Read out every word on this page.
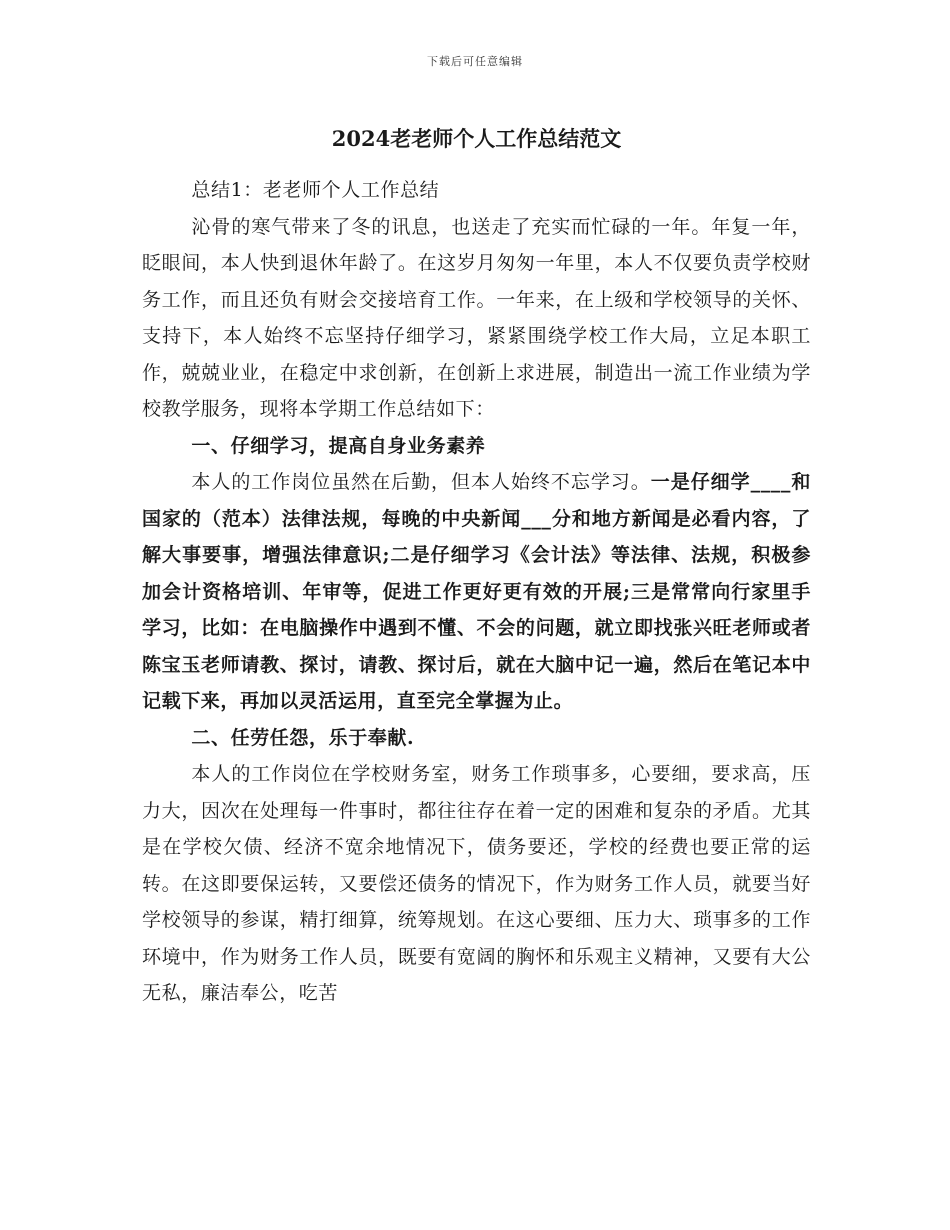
下载后可任意编辑
2024老老师个人工作总结范文

总结1：老老师个人工作总结

沁骨的寒气带来了冬的讯息，也送走了充实而忙碌的一年。年复一年，眨眼间，本人快到退休年龄了。在这岁月匆匆一年里，本人不仅要负责学校财务工作，而且还负有财会交接培育工作。一年来，在上级和学校领导的关怀、支持下，本人始终不忘坚持仔细学习，紧紧围绕学校工作大局，立足本职工作，兢兢业业，在稳定中求创新，在创新上求进展，制造出一流工作业绩为学校教学服务，现将本学期工作总结如下：

一、仔细学习，提高自身业务素养

本人的工作岗位虽然在后勤，但本人始终不忘学习。一是仔细学____和国家的（范本）法律法规，每晚的中央新闻___分和地方新闻是必看内容，了解大事要事，增强法律意识;二是仔细学习《会计法》等法律、法规，积极参加会计资格培训、年审等，促进工作更好更有效的开展;三是常常向行家里手学习，比如：在电脑操作中遇到不懂、不会的问题，就立即找张兴旺老师或者陈宝玉老师请教、探讨，请教、探讨后，就在大脑中记一遍，然后在笔记本中记载下来，再加以灵活运用，直至完全掌握为止。

二、任劳任怨，乐于奉献.

本人的工作岗位在学校财务室，财务工作琐事多，心要细，要求高，压力大，因次在处理每一件事时，都往往存在着一定的困难和复杂的矛盾。尤其是在学校欠债、经济不宽余地情况下，债务要还，学校的经费也要正常的运转。在这即要保运转，又要偿还债务的情况下，作为财务工作人员，就要当好学校领导的参谋，精打细算，统筹规划。在这心要细、压力大、琐事多的工作环境中，作为财务工作人员，既要有宽阔的胸怀和乐观主义精神，又要有大公无私，廉洁奉公，吃苦
